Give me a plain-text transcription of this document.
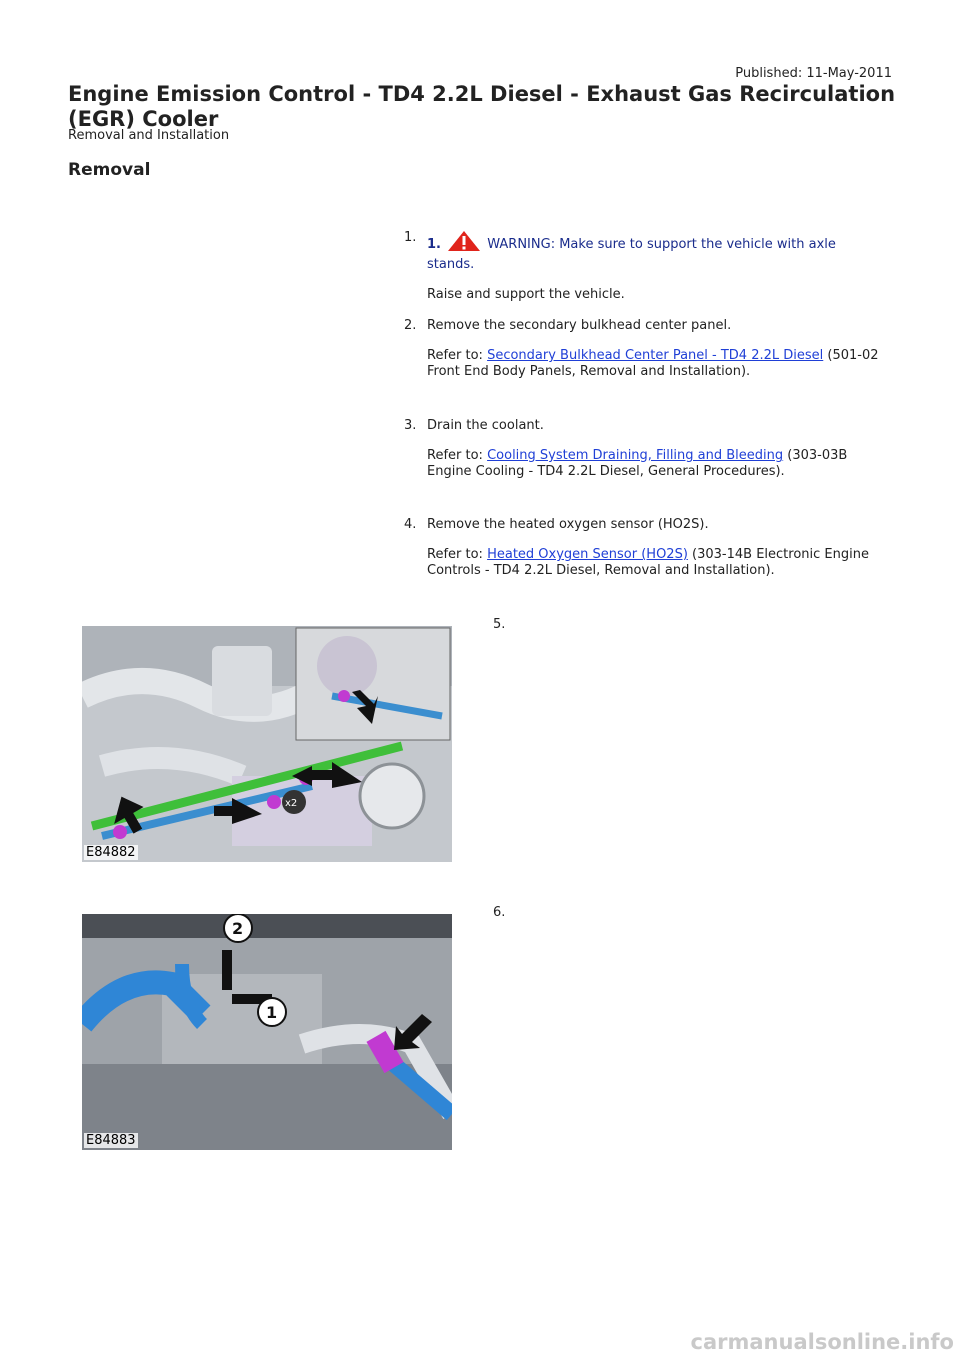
Published: 11-May-2011
Engine Emission Control - TD4 2.2L Diesel - Exhaust Gas Recirculation (EGR) Cooler
Removal and Installation
Removal
1. 1.	WARNING: Make sure to support the vehicle with axle stands.

Raise and support the vehicle.

2. Remove the secondary bulkhead center panel.

Refer to: Secondary Bulkhead Center Panel - TD4 2.2L Diesel (501-02 Front End Body Panels, Removal and Installation).

3. Drain the coolant.

Refer to: Cooling System Draining, Filling and Bleeding (303-03B Engine Cooling - TD4 2.2L Diesel, General Procedures).

4. Remove the heated oxygen sensor (HO2S).

Refer to: Heated Oxygen Sensor (HO2S) (303-14B Electronic Engine Controls - TD4 2.2L Diesel, Removal and Installation).

5.
x2
E84882
6.
2
1
E84883
carmanualsonline.info
